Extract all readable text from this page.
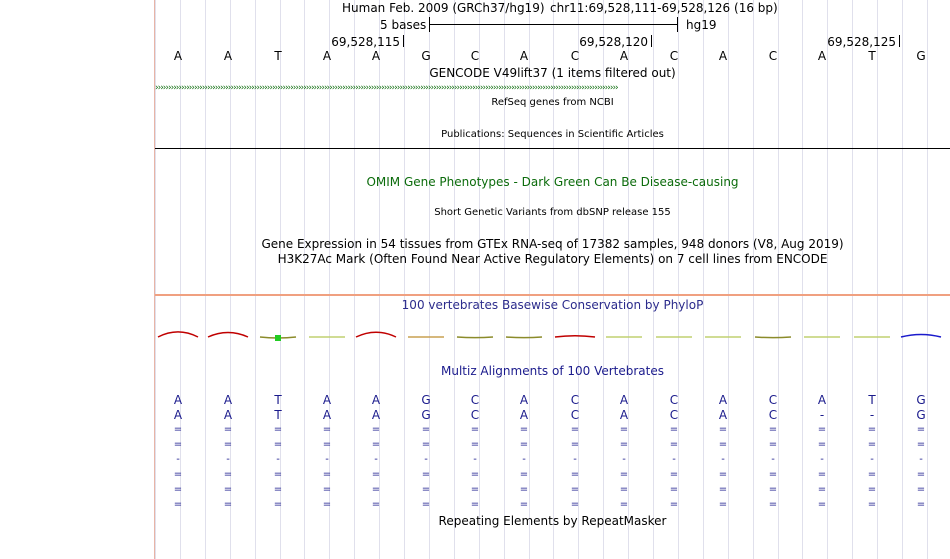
Human Feb. 2009 (GRCh37/hg19) chr11:69,528,111-69,528,126 (16 bp)
5 bases	hg19
69,528,115	69,528,120	69,528,125
A	A	T	A	A	G	C	A	C	A	C	A	C	A	T	G
GENCODE V49lift37 (1 items filtered out)
››››››››››››››››››››››››››››››››››››››››››››››››››››››››››››››››››››››››››››››››››››››››››››››››››››››››››››››››››››››››››››››››››››››››››››››››››››››››››››››››››››››››››››››››››
RefSeq genes from NCBI
Publications: Sequences in Scientific Articles
OMIM Gene Phenotypes - Dark Green Can Be Disease-causing
Short Genetic Variants from dbSNP release 155
Gene Expression in 54 tissues from GTEx RNA-seq of 17382 samples, 948 donors (V8, Aug 2019)
H3K27Ac Mark (Often Found Near Active Regulatory Elements) on 7 cell lines from ENCODE
100 vertebrates Basewise Conservation by PhyloP
Multiz Alignments of 100 Vertebrates
A	A	T	A	A	G	C	A	C	A	C	A	C	A	T	G
A	A	T	A	A	G	C	A	C	A	C	A	C	-	-	G
=	=	=	=	=	=	=	=	=	=	=	=	=	=	=	=
=	=	=	=	=	=	=	=	=	=	=	=	=	=	=	=
-	-	-	-	-	-	-	-	-	-	-	-	-	-	-	-
=	=	=	=	=	=	=	=	=	=	=	=	=	=	=	=
=	=	=	=	=	=	=	=	=	=	=	=	=	=	=	=
=	=	=	=	=	=	=	=	=	=	=	=	=	=	=	=
Repeating Elements by RepeatMasker
